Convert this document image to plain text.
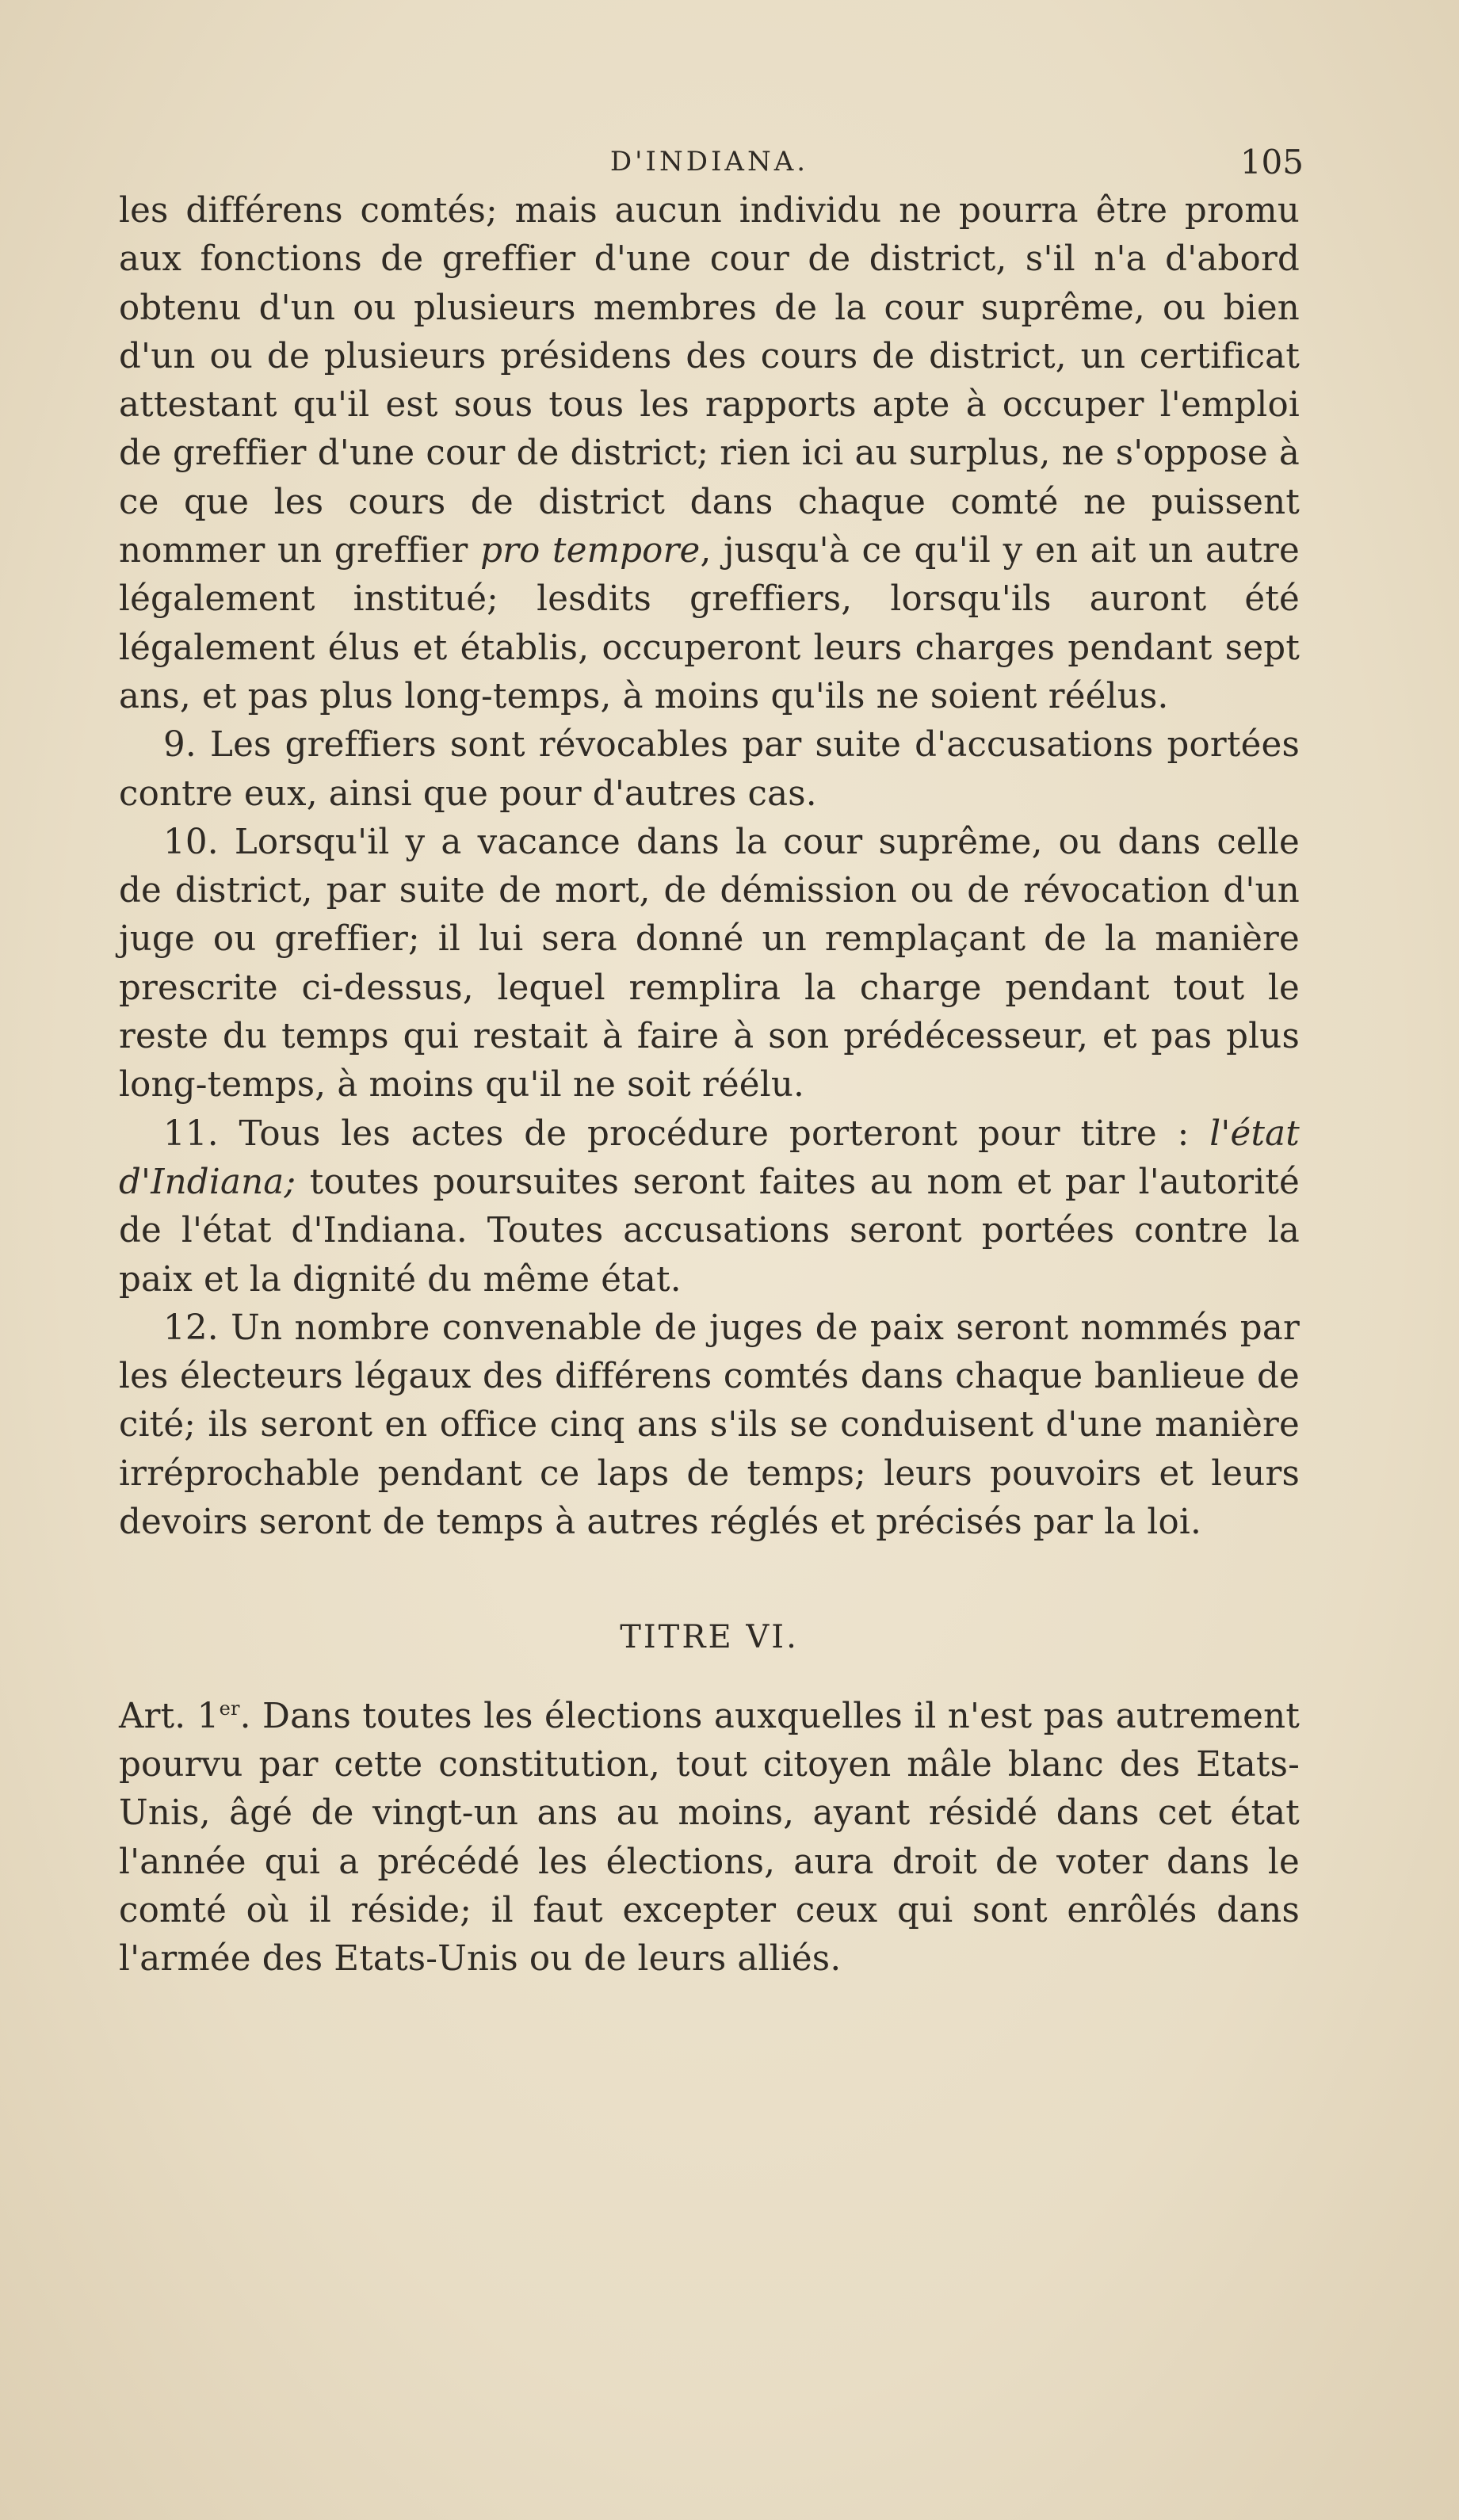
D'INDIANA.	105

les différens comtés; mais aucun individu ne pourra être promu aux fonctions de greffier d'une cour de district, s'il n'a d'abord obtenu d'un ou plusieurs membres de la cour suprême, ou bien d'un ou de plusieurs présidens des cours de district, un certificat attestant qu'il est sous tous les rapports apte à occuper l'emploi de greffier d'une cour de district; rien ici au surplus, ne s'oppose à ce que les cours de district dans chaque comté ne puissent nommer un greffier pro tempore, jusqu'à ce qu'il y en ait un autre légalement institué; lesdits greffiers, lorsqu'ils auront été légalement élus et établis, occuperont leurs charges pendant sept ans, et pas plus long-temps, à moins qu'ils ne soient réélus.

9. Les greffiers sont révocables par suite d'accusations portées contre eux, ainsi que pour d'autres cas.

10. Lorsqu'il y a vacance dans la cour suprême, ou dans celle de district, par suite de mort, de démission ou de révocation d'un juge ou greffier; il lui sera donné un remplaçant de la manière prescrite ci-dessus, lequel remplira la charge pendant tout le reste du temps qui restait à faire à son prédécesseur, et pas plus long-temps, à moins qu'il ne soit réélu.

11. Tous les actes de procédure porteront pour titre : l'état d'Indiana; toutes poursuites seront faites au nom et par l'autorité de l'état d'Indiana. Toutes accusations seront portées contre la paix et la dignité du même état.

12. Un nombre convenable de juges de paix seront nommés par les électeurs légaux des différens comtés dans chaque banlieue de cité; ils seront en office cinq ans s'ils se conduisent d'une manière irréprochable pendant ce laps de temps; leurs pouvoirs et leurs devoirs seront de temps à autres réglés et précisés par la loi.

TITRE VI.

Art. 1er. Dans toutes les élections auxquelles il n'est pas autrement pourvu par cette constitution, tout citoyen mâle blanc des Etats-Unis, âgé de vingt-un ans au moins, ayant résidé dans cet état l'année qui a précédé les élections, aura droit de voter dans le comté où il réside; il faut excepter ceux qui sont enrôlés dans l'armée des Etats-Unis ou de leurs alliés.
